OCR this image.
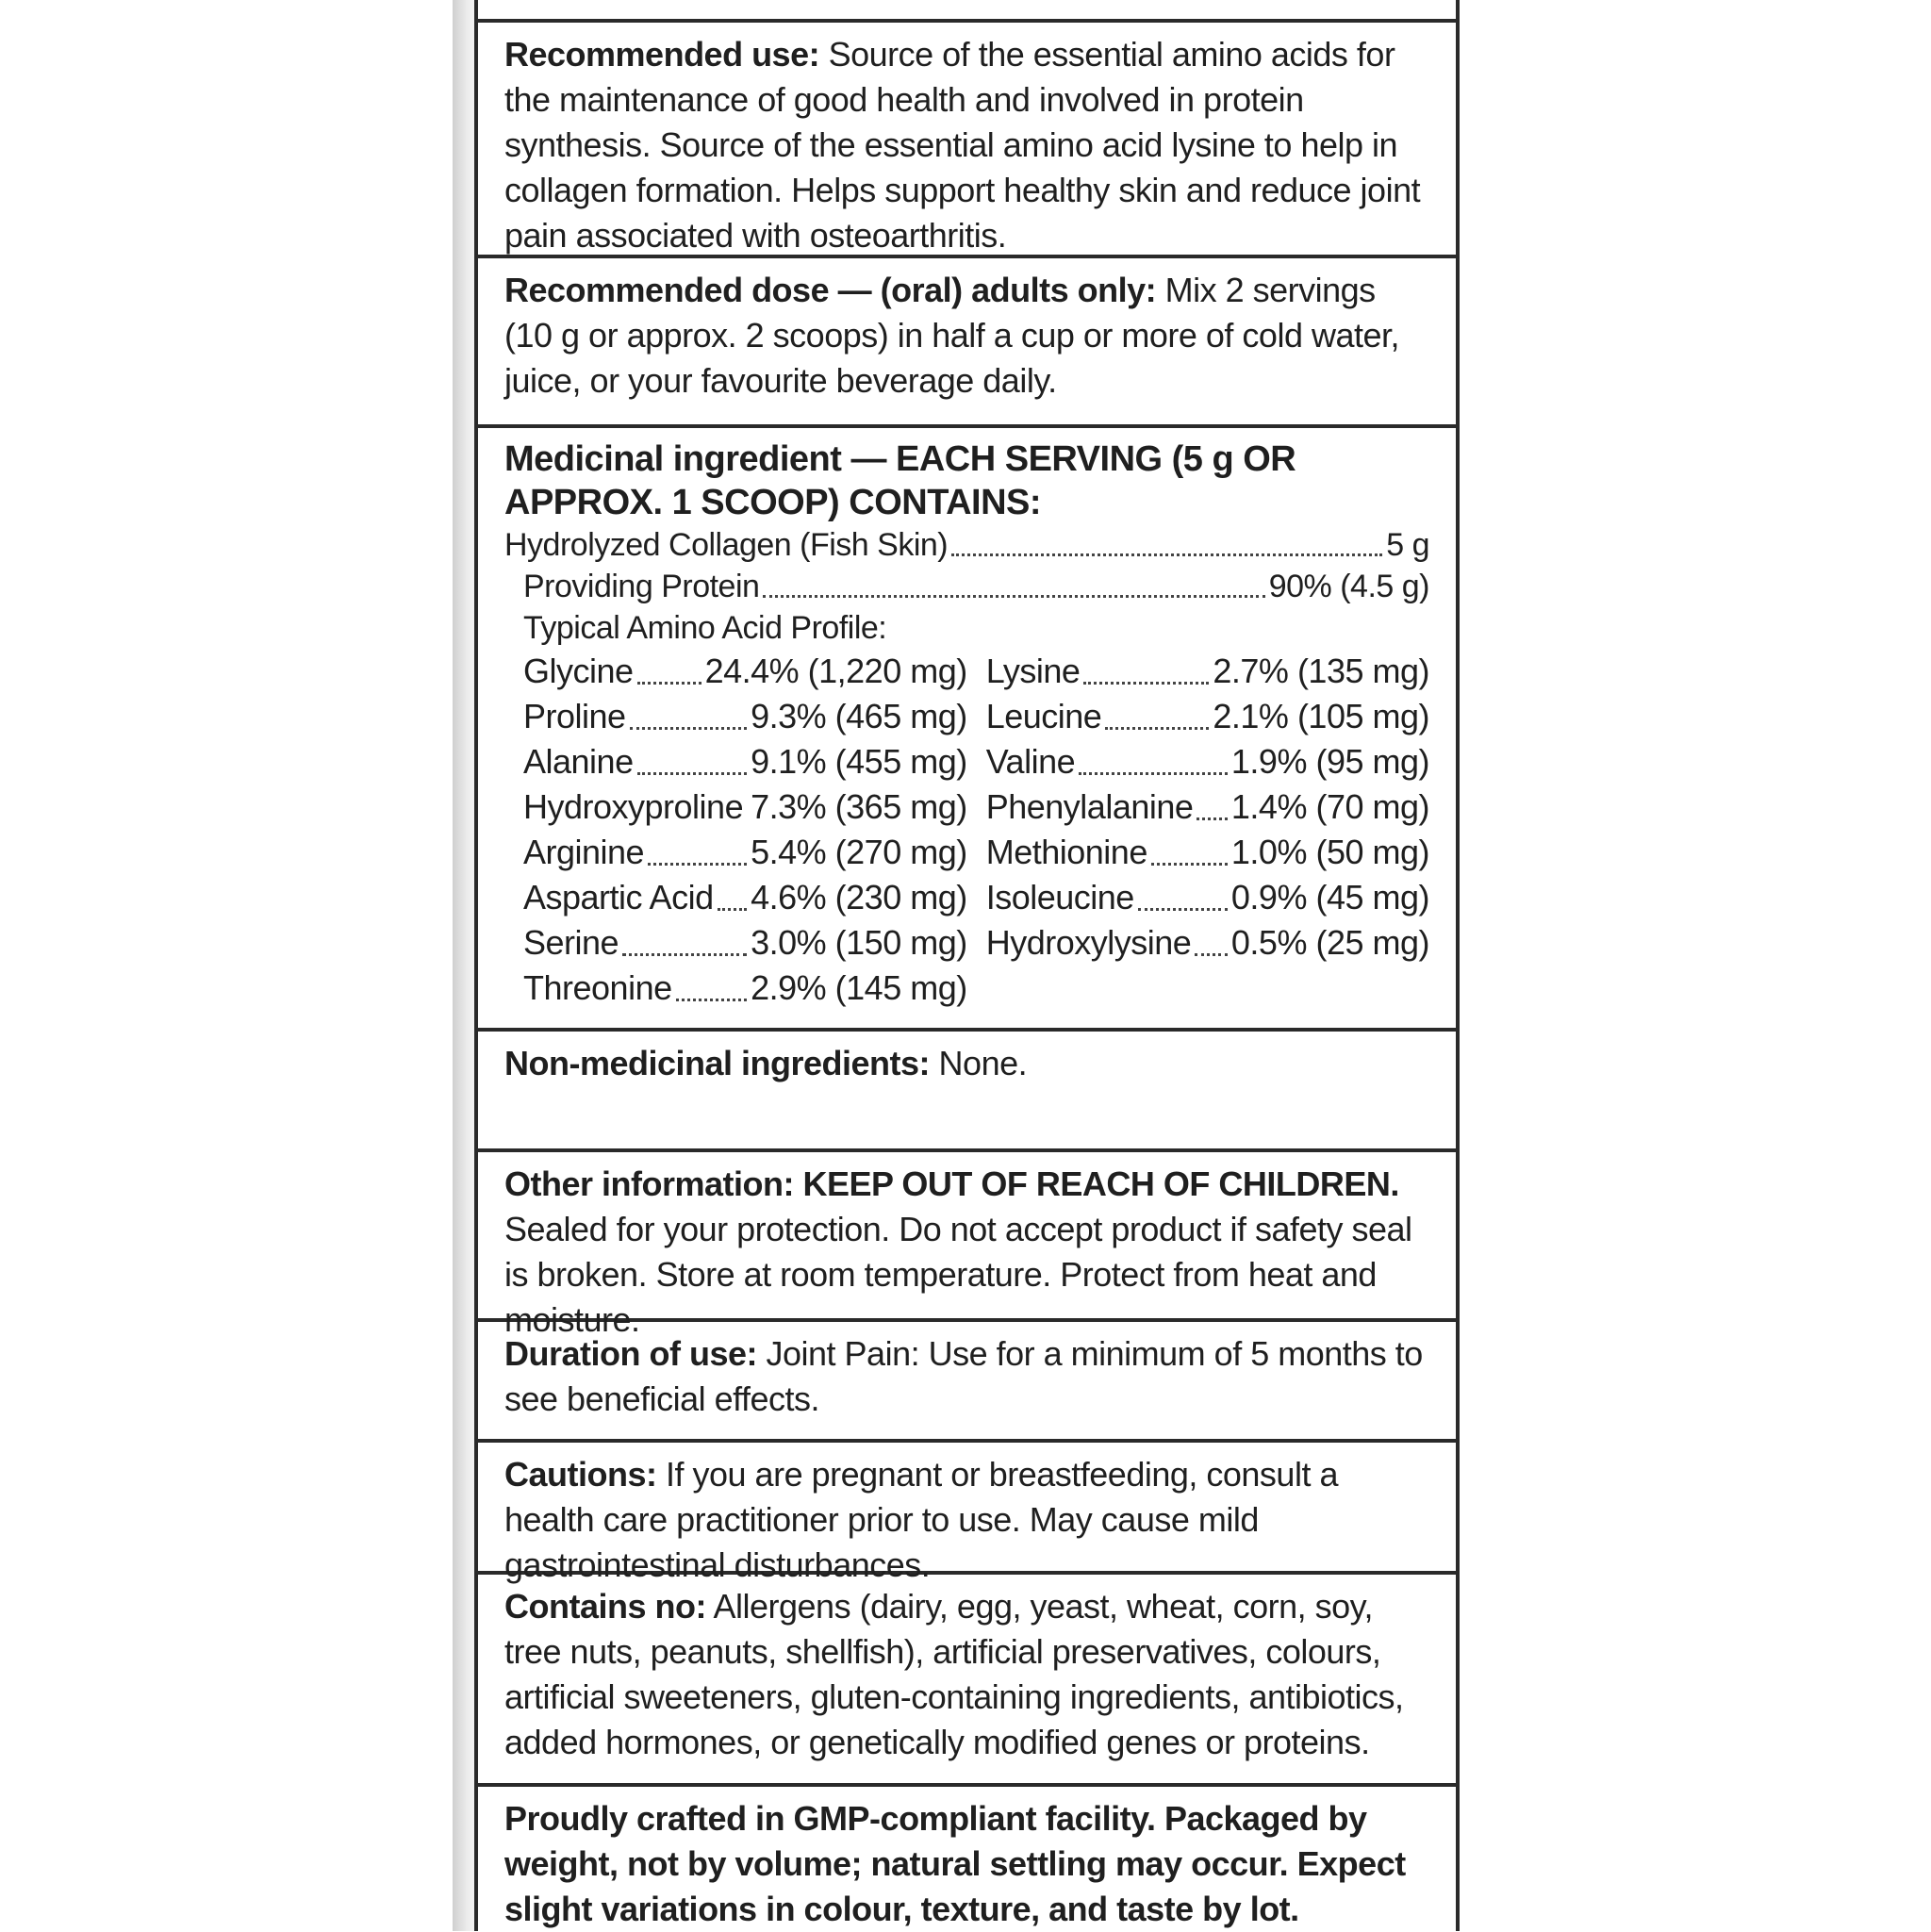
Recommended use: Source of the essential amino acids for the maintenance of good health and involved in protein synthesis. Source of the essential amino acid lysine to help in collagen formation. Helps support healthy skin and reduce joint pain associated with osteoarthritis.
Recommended dose — (oral) adults only: Mix 2 servings (10 g or approx. 2 scoops) in half a cup or more of cold water, juice, or your favourite beverage daily.
Medicinal ingredient — EACH SERVING (5 g OR APPROX. 1 SCOOP) CONTAINS:
Hydrolyzed Collagen (Fish Skin)	5 g
Providing Protein	90% (4.5 g)
Typical Amino Acid Profile:
Glycine 24.4% (1,220 mg)
Proline	9.3% (465 mg)
Alanine	9.1% (455 mg)
Hydroxyproline 7.3% (365 mg)
Arginine	5.4% (270 mg)
Aspartic Acid 4.6% (230 mg)
Serine	3.0% (150 mg)
Threonine 2.9% (145 mg)
Lysine	2.7% (135 mg)
Leucine	2.1% (105 mg)
Valine	1.9% (95 mg)
Phenylalanine 1.4% (70 mg)
Methionine 1.0% (50 mg)
Isoleucine	0.9% (45 mg)
Hydroxylysine 0.5% (25 mg)
Non-medicinal ingredients: None.
Other information: KEEP OUT OF REACH OF CHILDREN. Sealed for your protection. Do not accept product if safety seal is broken. Store at room temperature. Protect from heat and moisture.
Duration of use: Joint Pain: Use for a minimum of 5 months to see beneficial effects.
Cautions: If you are pregnant or breastfeeding, consult a health care practitioner prior to use. May cause mild gastrointestinal disturbances.
Contains no: Allergens (dairy, egg, yeast, wheat, corn, soy, tree nuts, peanuts, shellfish), artificial preservatives, colours, artificial sweeteners, gluten-containing ingredients, antibiotics, added hormones, or genetically modified genes or proteins.
Proudly crafted in GMP-compliant facility. Packaged by weight, not by volume; natural settling may occur. Expect slight variations in colour, texture, and taste by lot.
